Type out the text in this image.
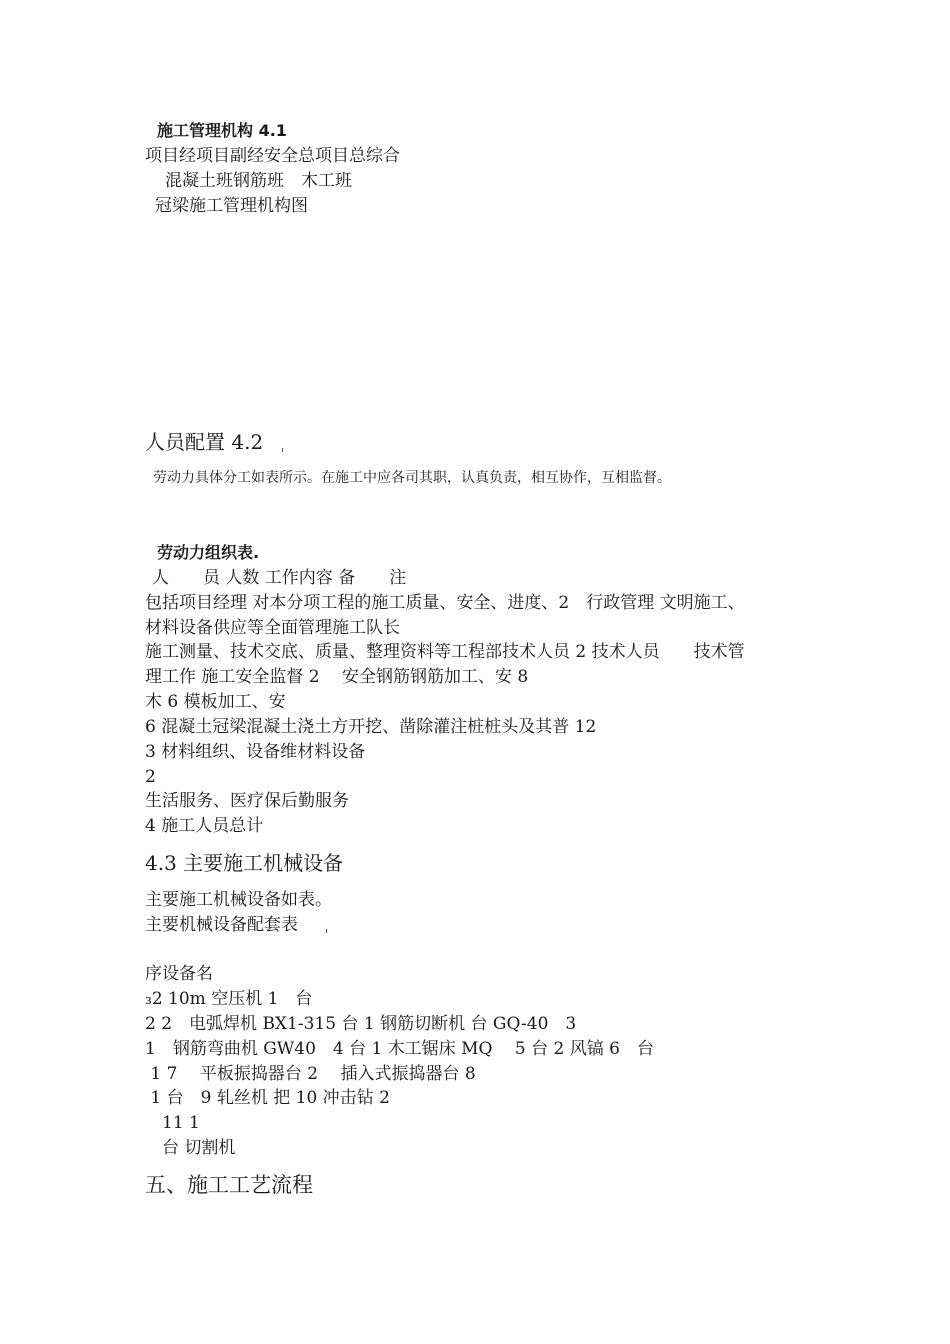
施工管理机构 4.1
项目经项目副经安全总项目总综合
混凝土班钢筋班　木工班
冠梁施工管理机构图
人员配置 4.2
劳动力具体分工如表所示。在施工中应各司其职，认真负责，相互协作，互相监督。
劳动力组织表.
人　　员 人数 工作内容 备　　注
包括项目经理 对本分项工程的施工质量、安全、进度、2　行政管理 文明施工、
材料设备供应等全面管理施工队长
施工测量、技术交底、质量、整理资料等工程部技术人员 2 技术人员　　技术管
理工作 施工安全监督 2　 安全钢筋钢筋加工、安 8
木 6 模板加工、安
6 混凝土冠梁混凝土浇土方开挖、凿除灌注桩桩头及其普 12
3 材料组织、设备维材料设备
2
生活服务、医疗保后勤服务
4 施工人员总计
4.3 主要施工机械设备
主要施工机械设备如表。
主要机械设备配套表
序设备名
₃2 10m 空压机 1　台
2 2　电弧焊机 BX1-315 台 1 钢筋切断机 台 GQ-40　3
1　钢筋弯曲机 GW40　4 台 1 木工锯床 MQ　 5 台 2 风镐 6　台
1 7　 平板振捣器台 2　 插入式振捣器台 8
1 台　9 轧丝机 把 10 冲击钻 2
　11 1
　台 切割机
五、施工工艺流程
